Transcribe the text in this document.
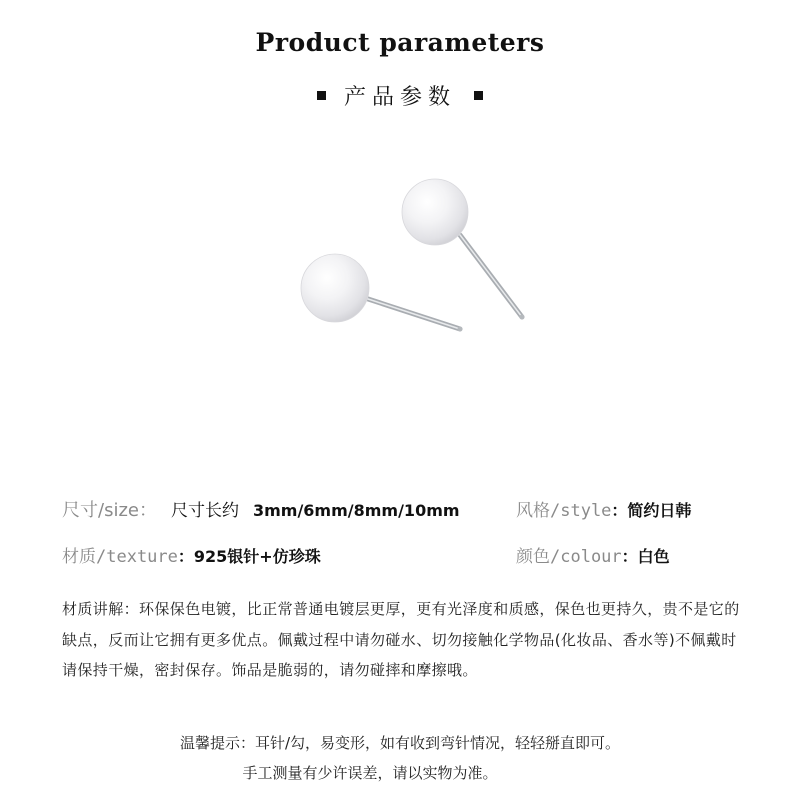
Product parameters
产品参数
尺寸/size： 尺寸长约 3mm/6mm/8mm/10mm	风格/style ：简约日韩
材质/texture ：925银针+仿珍珠	颜色/colour ：白色
材质讲解：环保保色电镀，比正常普通电镀层更厚，更有光泽度和质感，保色也更持久，贵不是它的缺点，反而让它拥有更多优点。佩戴过程中请勿碰水、切勿接触化学物品(化妆品、香水等)不佩戴时请保持干燥，密封保存。饰品是脆弱的，请勿碰摔和摩擦哦。
温馨提示：耳针/勾，易变形，如有收到弯针情况，轻轻掰直即可。
手工测量有少许误差，请以实物为准。
